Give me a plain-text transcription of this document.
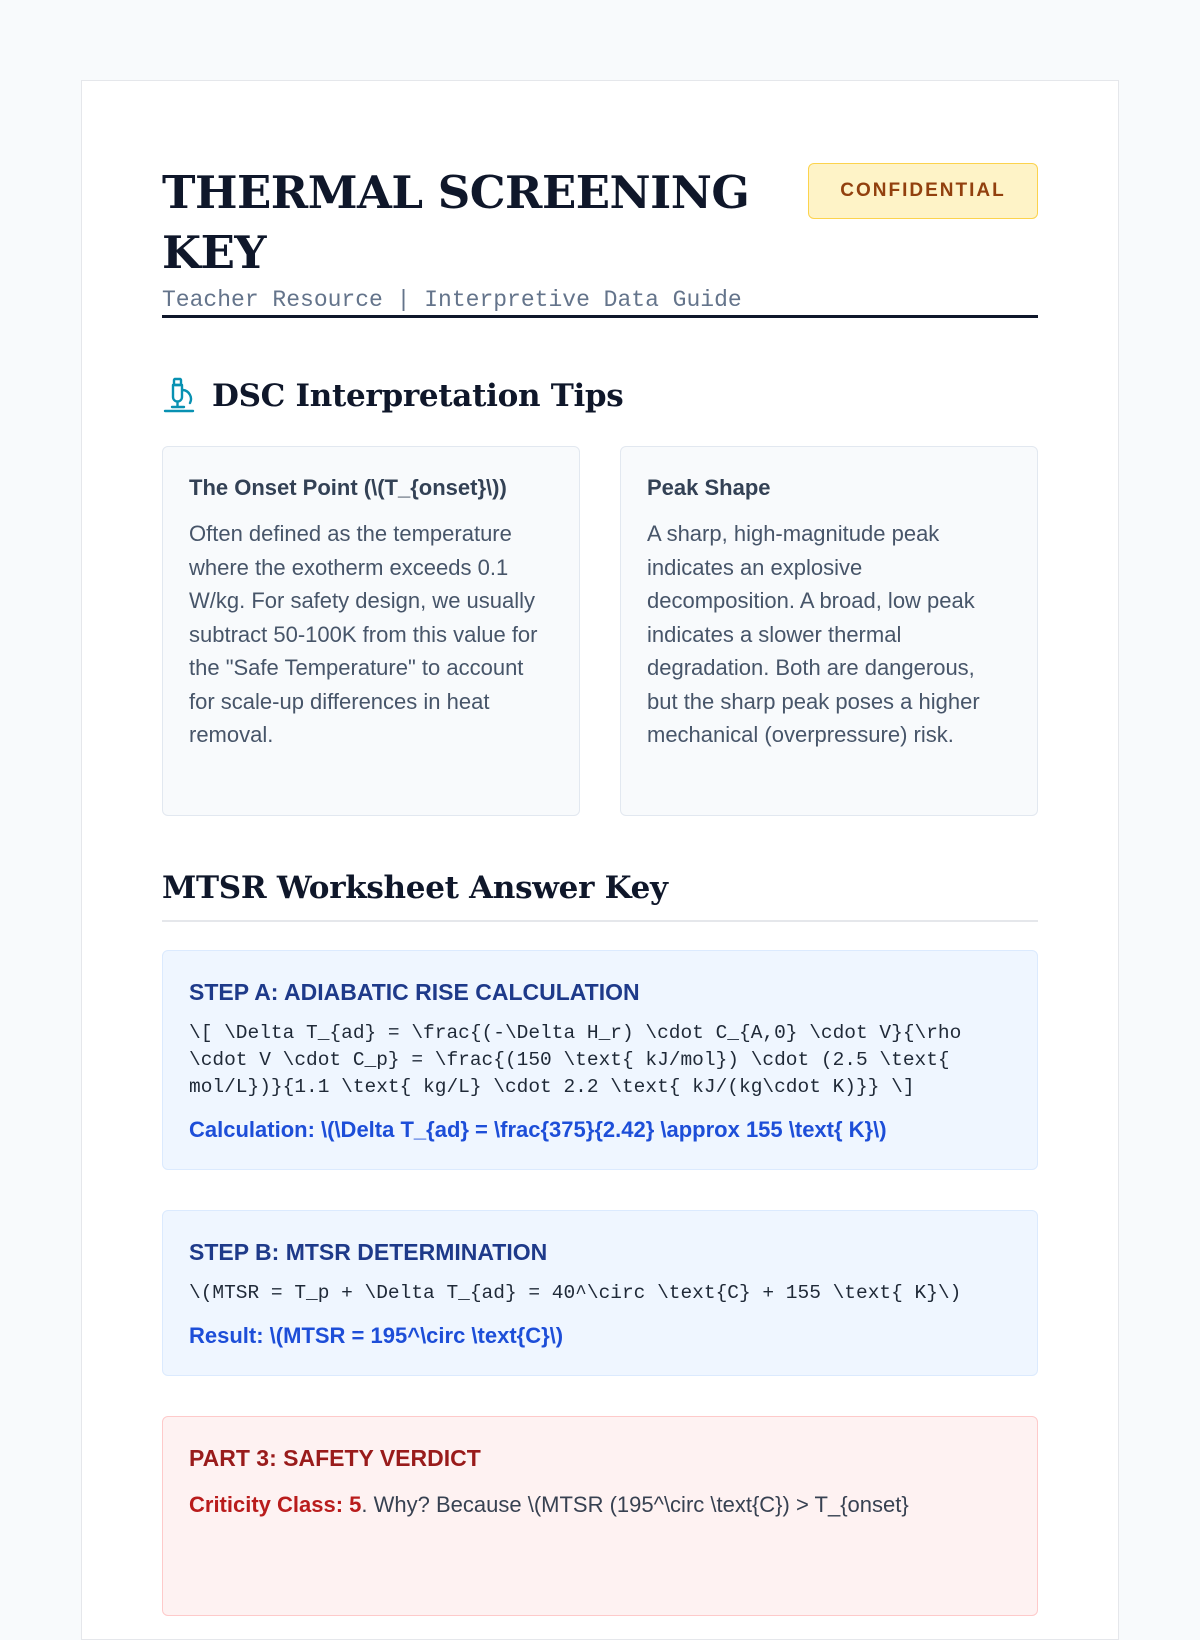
THERMAL SCREENING KEY
Teacher Resource | Interpretive Data Guide
CONFIDENTIAL
DSC Interpretation Tips
The Onset Point (\(T_{onset}\))
Often defined as the temperature where the exotherm exceeds 0.1 W/kg. For safety design, we usually subtract 50-100K from this value for the "Safe Temperature" to account for scale-up differences in heat removal.
Peak Shape
A sharp, high-magnitude peak indicates an explosive decomposition. A broad, low peak indicates a slower thermal degradation. Both are dangerous, but the sharp peak poses a higher mechanical (overpressure) risk.
MTSR Worksheet Answer Key
STEP A: ADIABATIC RISE CALCULATION
\[ \Delta T_{ad} = \frac{(-\Delta H_r) \cdot C_{A,0} \cdot V}{\rho \cdot V \cdot C_p} = \frac{(150 \text{ kJ/mol}) \cdot (2.5 \text{ mol/L})}{1.1 \text{ kg/L} \cdot 2.2 \text{ kJ/(kg\cdot K)}} \]
Calculation: \(\Delta T_{ad} = \frac{375}{2.42} \approx 155 \text{ K}\)
STEP B: MTSR DETERMINATION
\(MTSR = T_p + \Delta T_{ad} = 40^\circ \text{C} + 155 \text{ K}\)
Result: \(MTSR = 195^\circ \text{C}\)
PART 3: SAFETY VERDICT
Criticity Class: 5. Why? Because \(MTSR (195^\circ \text{C}) > T_{onset}
